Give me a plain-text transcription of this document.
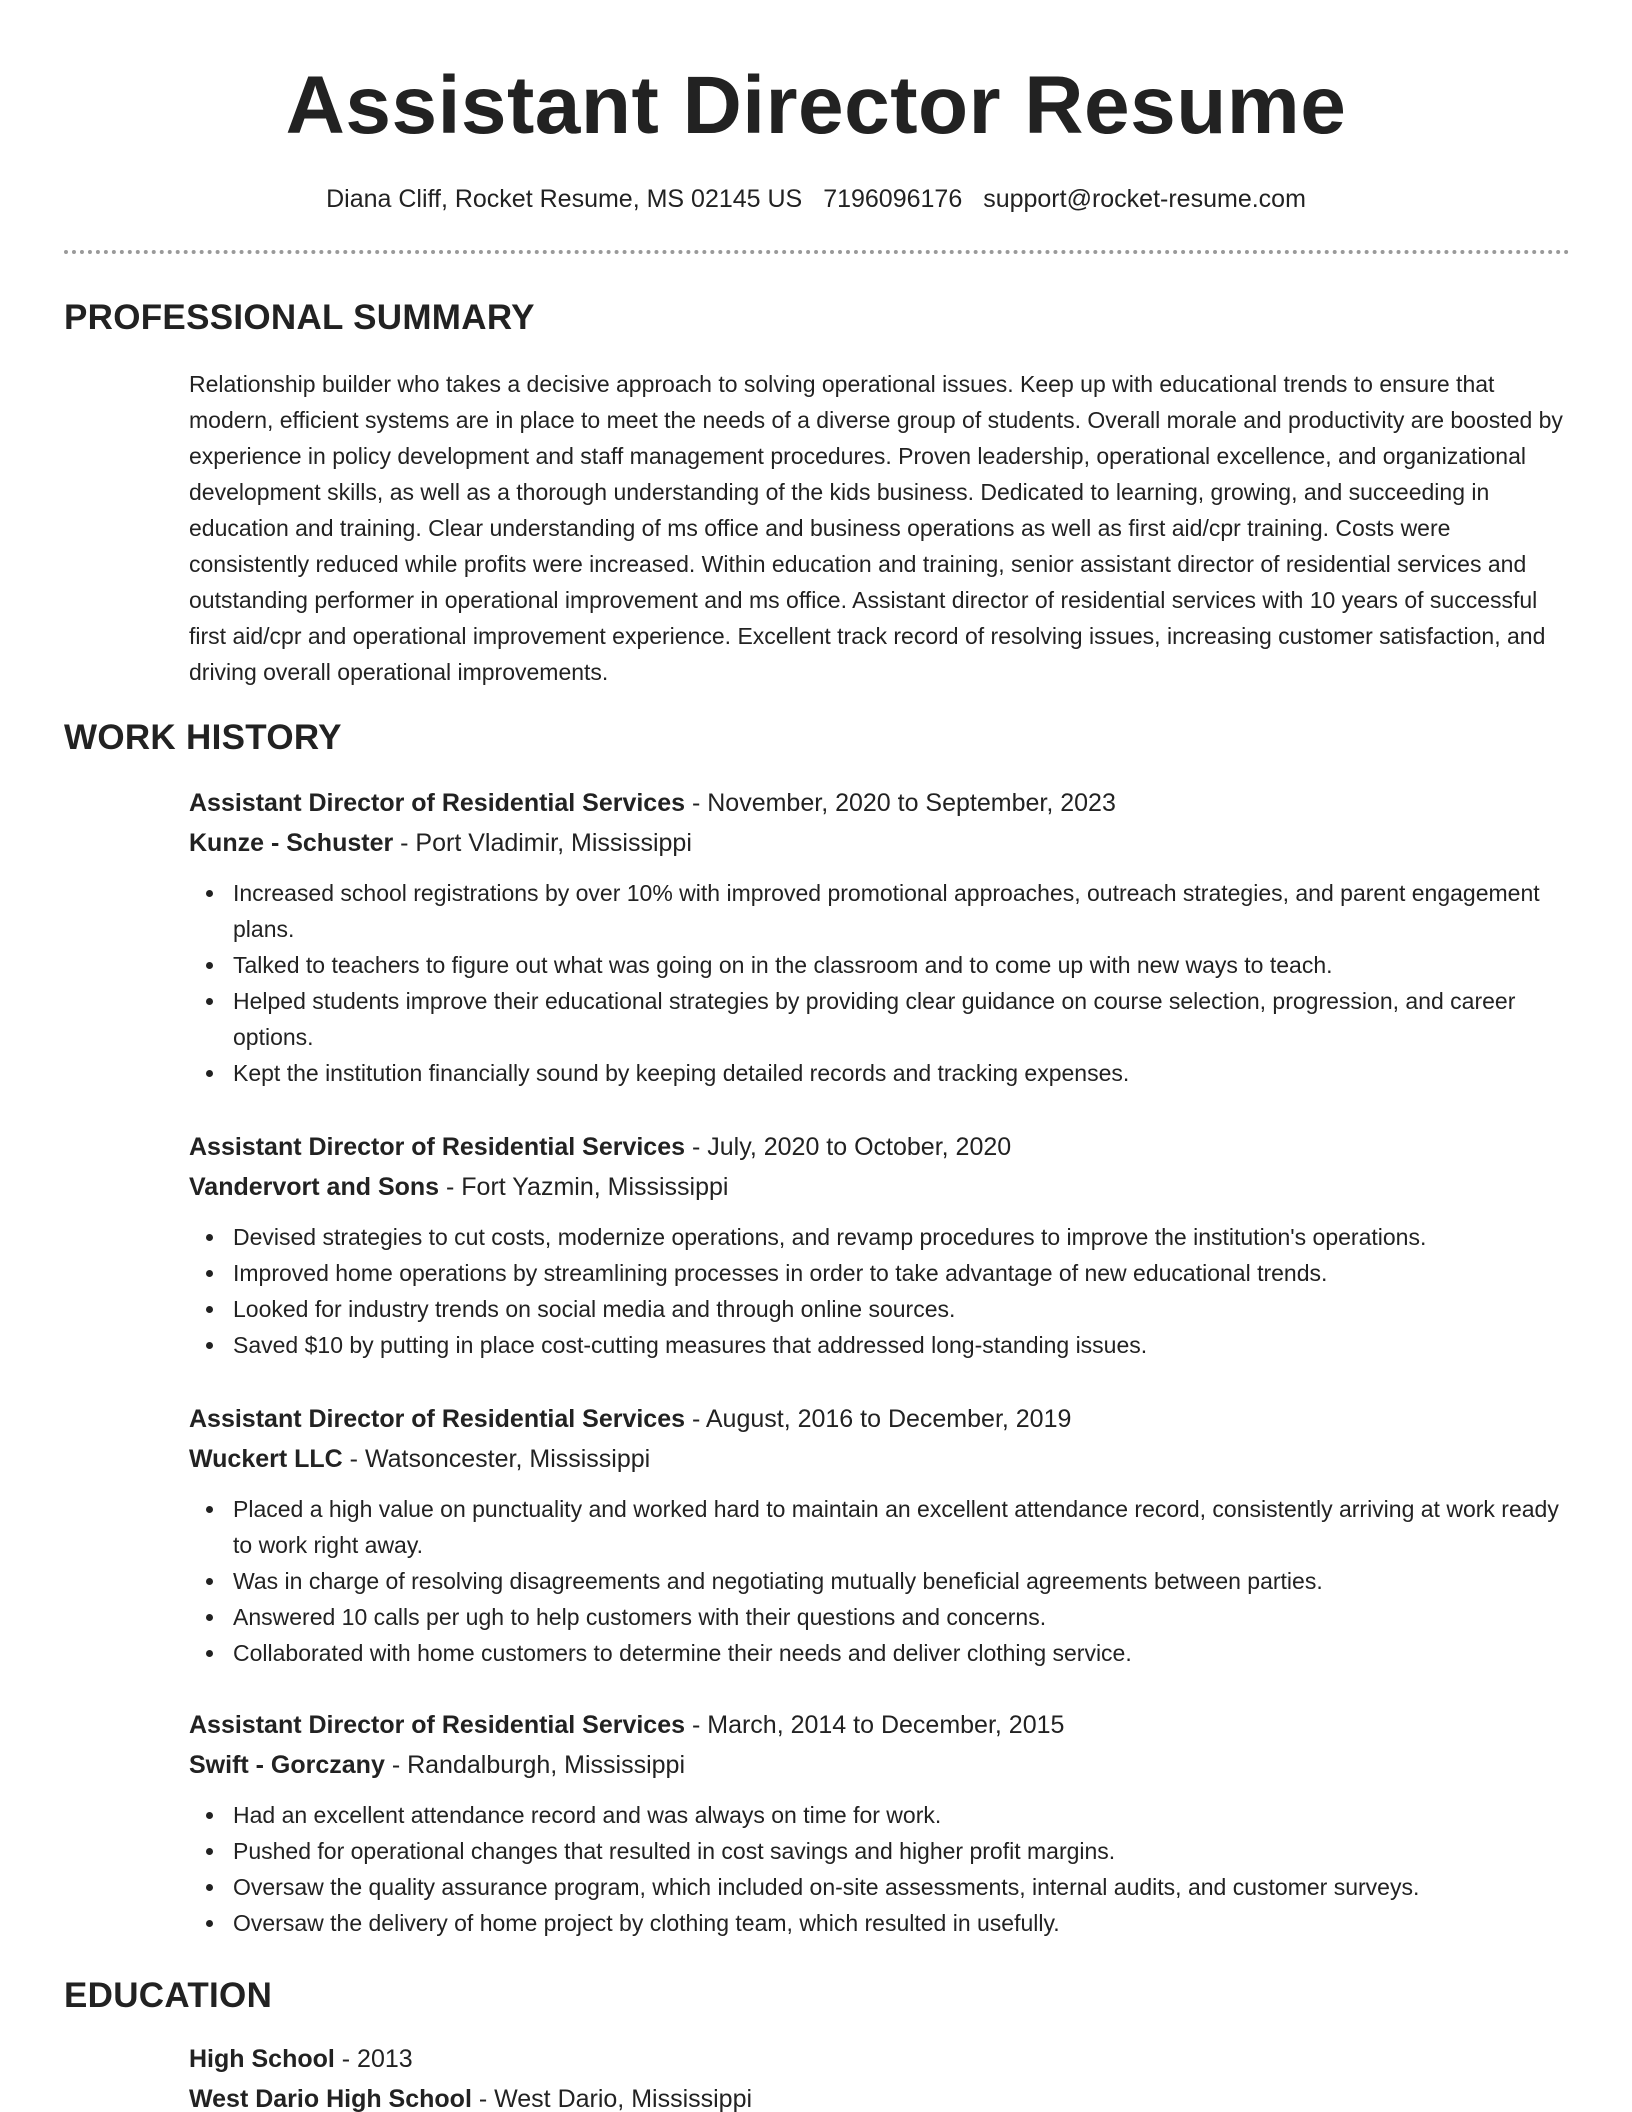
Assistant Director Resume
Diana Cliff, Rocket Resume, MS 02145 US 7196096176 support@rocket-resume.com
PROFESSIONAL SUMMARY

Relationship builder who takes a decisive approach to solving operational issues. Keep up with educational trends to ensure that modern, efficient systems are in place to meet the needs of a diverse group of students. Overall morale and productivity are boosted by experience in policy development and staff management procedures. Proven leadership, operational excellence, and organizational development skills, as well as a thorough understanding of the kids business. Dedicated to learning, growing, and succeeding in education and training. Clear understanding of ms office and business operations as well as first aid/cpr training. Costs were consistently reduced while profits were increased. Within education and training, senior assistant director of residential services and outstanding performer in operational improvement and ms office. Assistant director of residential services with 10 years of successful first aid/cpr and operational improvement experience. Excellent track record of resolving issues, increasing customer satisfaction, and driving overall operational improvements.

WORK HISTORY
Assistant Director of Residential Services - November, 2020 to September, 2023
Kunze - Schuster - Port Vladimir, Mississippi
Increased school registrations by over 10% with improved promotional approaches, outreach strategies, and parent engagement plans.
Talked to teachers to figure out what was going on in the classroom and to come up with new ways to teach.
Helped students improve their educational strategies by providing clear guidance on course selection, progression, and career options.
Kept the institution financially sound by keeping detailed records and tracking expenses.
Assistant Director of Residential Services - July, 2020 to October, 2020
Vandervort and Sons - Fort Yazmin, Mississippi
Devised strategies to cut costs, modernize operations, and revamp procedures to improve the institution's operations.
Improved home operations by streamlining processes in order to take advantage of new educational trends.
Looked for industry trends on social media and through online sources.
Saved $10 by putting in place cost-cutting measures that addressed long-standing issues.
Assistant Director of Residential Services - August, 2016 to December, 2019
Wuckert LLC - Watsoncester, Mississippi
Placed a high value on punctuality and worked hard to maintain an excellent attendance record, consistently arriving at work ready to work right away.
Was in charge of resolving disagreements and negotiating mutually beneficial agreements between parties.
Answered 10 calls per ugh to help customers with their questions and concerns.
Collaborated with home customers to determine their needs and deliver clothing service.
Assistant Director of Residential Services - March, 2014 to December, 2015
Swift - Gorczany - Randalburgh, Mississippi
Had an excellent attendance record and was always on time for work.
Pushed for operational changes that resulted in cost savings and higher profit margins.
Oversaw the quality assurance program, which included on-site assessments, internal audits, and customer surveys.
Oversaw the delivery of home project by clothing team, which resulted in usefully.
EDUCATION
High School - 2013
West Dario High School - West Dario, Mississippi
